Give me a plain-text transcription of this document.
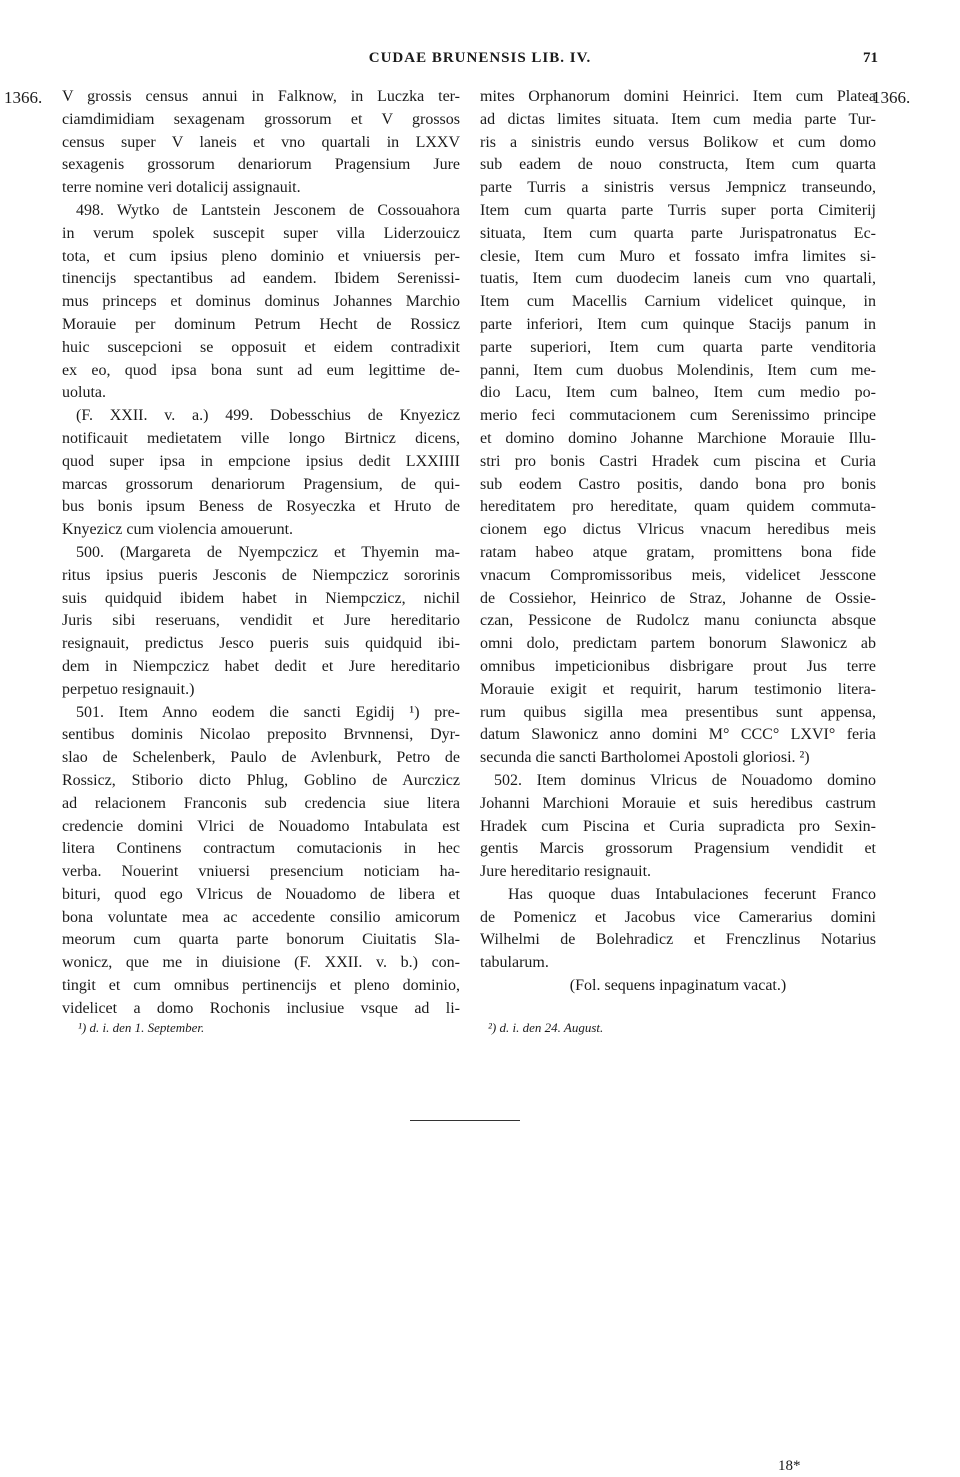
CUDAE BRUNENSIS LIB. IV.	71
1366.	1366.
V grossis census annui in Falknow, in Luczka ter-
ciamdimidiam sexagenam grossorum et V grossos
census super V laneis et vno quartali in LXXV
sexagenis grossorum denariorum Pragensium Jure
terre nomine veri dotalicij assignauit.
498. Wytko de Lantstein Jesconem de Cossouahora
in verum spolek suscepit super villa Liderzouicz
tota, et cum ipsius pleno dominio et vniuersis per-
tinencijs spectantibus ad eandem. Ibidem Serenissi-
mus princeps et dominus dominus Johannes Marchio
Morauie per dominum Petrum Hecht de Rossicz
huic suscepcioni se opposuit et eidem contradixit
ex eo, quod ipsa bona sunt ad eum legittime de-
uoluta.
(F. XXII. v. a.) 499. Dobesschius de Knyezicz
notificauit medietatem ville longo Birtnicz dicens,
quod super ipsa in empcione ipsius dedit LXXIIII
marcas grossorum denariorum Pragensium, de qui-
bus bonis ipsum Beness de Rosyeczka et Hruto de
Knyezicz cum violencia amouerunt.
500. (Margareta de Nyempczicz et Thyemin ma-
ritus ipsius pueris Jesconis de Niempczicz sororinis
suis quidquid ibidem habet in Niempczicz, nichil
Juris sibi reseruans, vendidit et Jure hereditario
resignauit, predictus Jesco pueris suis quidquid ibi-
dem in Niempczicz habet dedit et Jure hereditario
perpetuo resignauit.)
501. Item Anno eodem die sancti Egidij ¹) pre-
sentibus dominis Nicolao preposito Brvnnensi, Dyr-
slao de Schelenberk, Paulo de Avlenburk, Petro de
Rossicz, Stiborio dicto Phlug, Goblino de Aurczicz
ad relacionem Franconis sub credencia siue litera
credencie domini Vlrici de Nouadomo Intabulata est
litera Continens contractum comutacionis in hec
verba. Nouerint vniuersi presencium noticiam ha-
bituri, quod ego Vlricus de Nouadomo de libera et
bona voluntate mea ac accedente consilio amicorum
meorum cum quarta parte bonorum Ciuitatis Sla-
wonicz, que me in diuisione (F. XXII. v. b.) con-
tingit et cum omnibus pertinencijs et pleno dominio,
videlicet a domo Rochonis inclusiue vsque ad li-
mites Orphanorum domini Heinrici. Item cum Platea
ad dictas limites situata. Item cum media parte Tur-
ris a sinistris eundo versus Bolikow et cum domo
sub eadem de nouo constructa, Item cum quarta
parte Turris a sinistris versus Jempnicz transeundo,
Item cum quarta parte Turris super porta Cimiterij
situata, Item cum quarta parte Jurispatronatus Ec-
clesie, Item cum Muro et fossato imfra limites si-
tuatis, Item cum duodecim laneis cum vno quartali,
Item cum Macellis Carnium videlicet quinque, in
parte inferiori, Item cum quinque Stacijs panum in
parte superiori, Item cum quarta parte venditoria
panni, Item cum duobus Molendinis, Item cum me-
dio Lacu, Item cum balneo, Item cum medio po-
merio feci commutacionem cum Serenissimo principe
et domino domino Johanne Marchione Morauie Illu-
stri pro bonis Castri Hradek cum piscina et Curia
sub eodem Castro positis, dando bona pro bonis
hereditatem pro hereditate, quam quidem commuta-
cionem ego dictus Vlricus vnacum heredibus meis
ratam habeo atque gratam, promittens bona fide
vnacum Compromissoribus meis, videlicet Jesscone
de Cossiehor, Heinrico de Straz, Johanne de Ossie-
czan, Pessicone de Rudolcz manu coniuncta absque
omni dolo, predictam partem bonorum Slawonicz ab
omnibus impeticionibus disbrigare prout Jus terre
Morauie exigit et requirit, harum testimonio litera-
rum quibus sigilla mea presentibus sunt appensa,
datum Slawonicz anno domini M° CCC° LXVI° feria
secunda die sancti Bartholomei Apostoli gloriosi. ²)
502. Item dominus Vlricus de Nouadomo domino
Johanni Marchioni Morauie et suis heredibus castrum
Hradek cum Piscina et Curia supradicta pro Sexin-
gentis Marcis grossorum Pragensium vendidit et
Jure hereditario resignauit.
Has quoque duas Intabulaciones fecerunt Franco
de Pomenicz et Jacobus vice Camerarius domini
Wilhelmi de Bolehradicz et Frenczlinus Notarius
tabularum.
(Fol. sequens inpaginatum vacat.)
¹) d. i. den 1. September.	²) d. i. den 24. August.
18*
